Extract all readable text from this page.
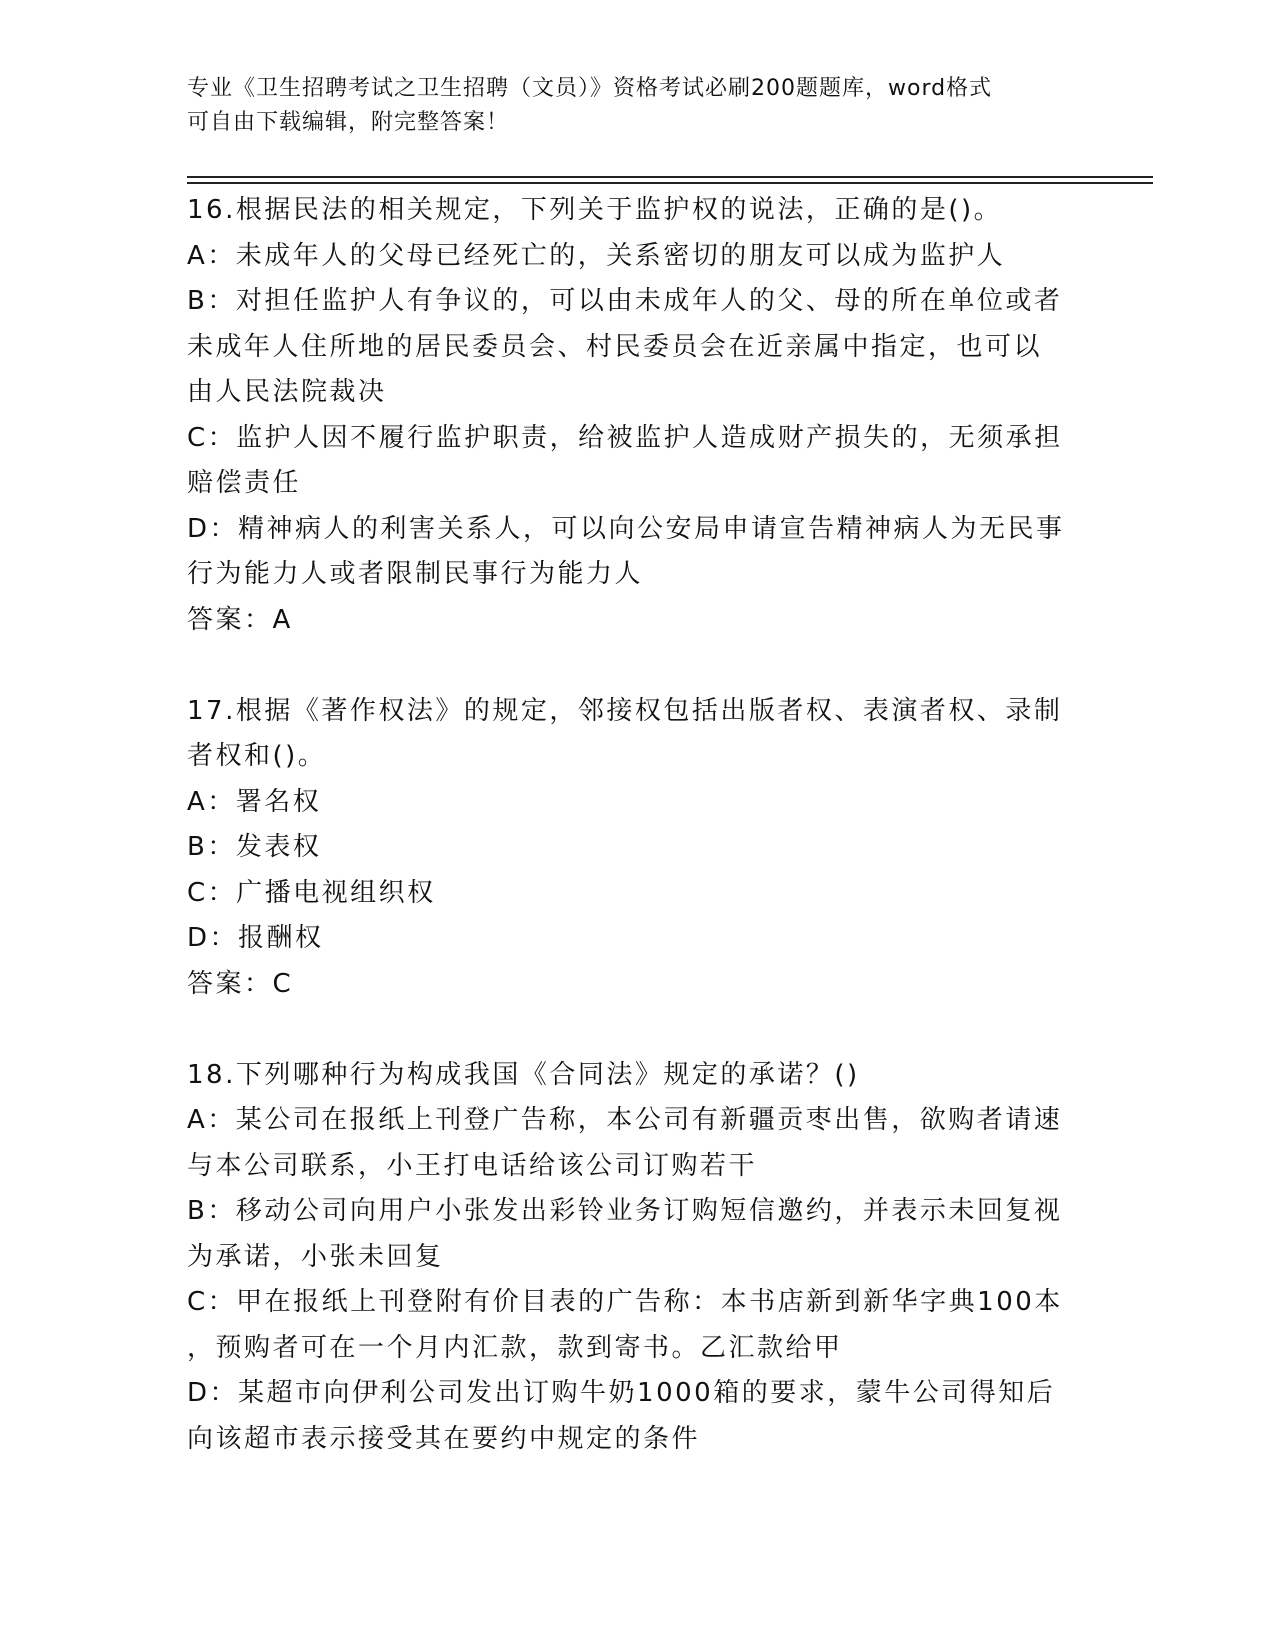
专业《卫生招聘考试之卫生招聘（文员）》资格考试必刷200题题库，word格式
可自由下载编辑，附完整答案！
16.根据民法的相关规定，下列关于监护权的说法，正确的是()。
A：未成年人的父母已经死亡的，关系密切的朋友可以成为监护人
B：对担任监护人有争议的，可以由未成年人的父、母的所在单位或者
未成年人住所地的居民委员会、村民委员会在近亲属中指定，也可以
由人民法院裁决
C：监护人因不履行监护职责，给被监护人造成财产损失的，无须承担
赔偿责任
D：精神病人的利害关系人，可以向公安局申请宣告精神病人为无民事
行为能力人或者限制民事行为能力人
答案：A
17.根据《著作权法》的规定，邻接权包括出版者权、表演者权、录制
者权和()。
A：署名权
B：发表权
C：广播电视组织权
D：报酬权
答案：C
18.下列哪种行为构成我国《合同法》规定的承诺？()
A：某公司在报纸上刊登广告称，本公司有新疆贡枣出售，欲购者请速
与本公司联系，小王打电话给该公司订购若干
B：移动公司向用户小张发出彩铃业务订购短信邀约，并表示未回复视
为承诺，小张未回复
C：甲在报纸上刊登附有价目表的广告称：本书店新到新华字典100本
，预购者可在一个月内汇款，款到寄书。乙汇款给甲
D：某超市向伊利公司发出订购牛奶1000箱的要求，蒙牛公司得知后
向该超市表示接受其在要约中规定的条件
